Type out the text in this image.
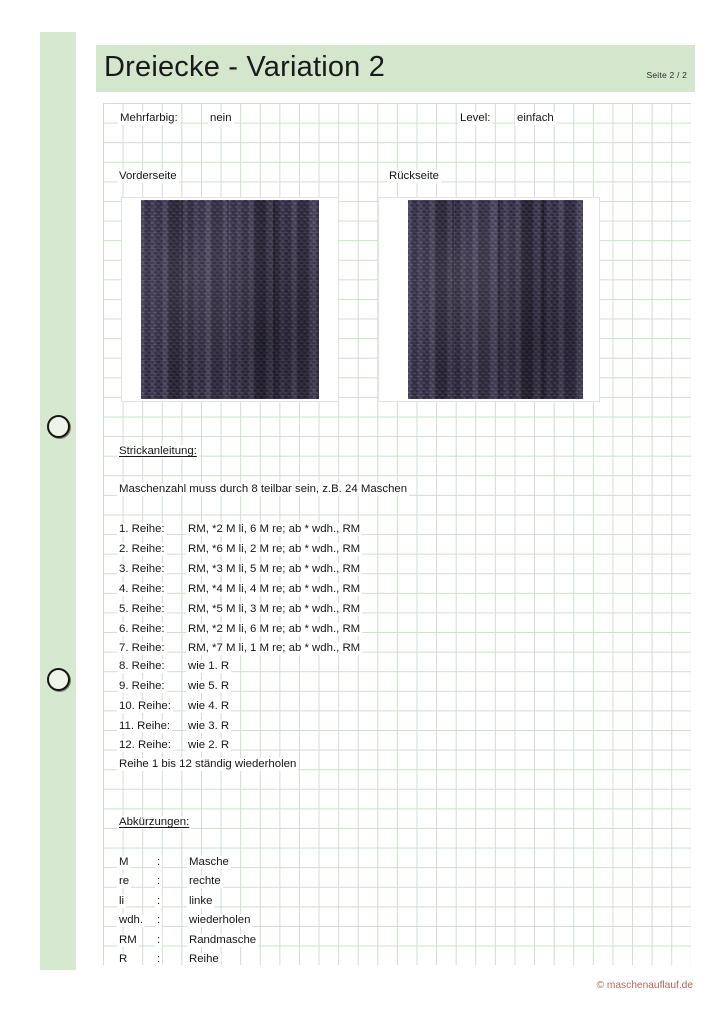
Seite 2 / 2
Dreiecke - Variation 2
Mehrfarbig:	nein	Level: einfach
Vorderseite	Rückseite
Strickanleitung:
Maschenzahl muss durch 8 teilbar sein, z.B. 24 Maschen
1. Reihe: RM, *2 M li, 6 M re; ab * wdh., RM
2. Reihe: RM, *6 M li, 2 M re; ab * wdh., RM
3. Reihe: RM, *3 M li, 5 M re; ab * wdh., RM
4. Reihe: RM, *4 M li, 4 M re; ab * wdh., RM
5. Reihe: RM, *5 M li, 3 M re; ab * wdh., RM
6. Reihe: RM, *2 M li, 6 M re; ab * wdh., RM
7. Reihe: RM, *7 M li, 1 M re; ab * wdh., RM
8. Reihe: wie 1. R
9. Reihe: wie 5. R
10. Reihe: wie 4. R
11. Reihe: wie 3. R
12. Reihe: wie 2. R
Reihe 1 bis 12 ständig wiederholen
Abkürzungen:
M	:	Masche
re :	rechte
li	:	linke
wdh. :	wiederholen
RM :	Randmasche
R	:	Reihe
© maschenauflauf.de
